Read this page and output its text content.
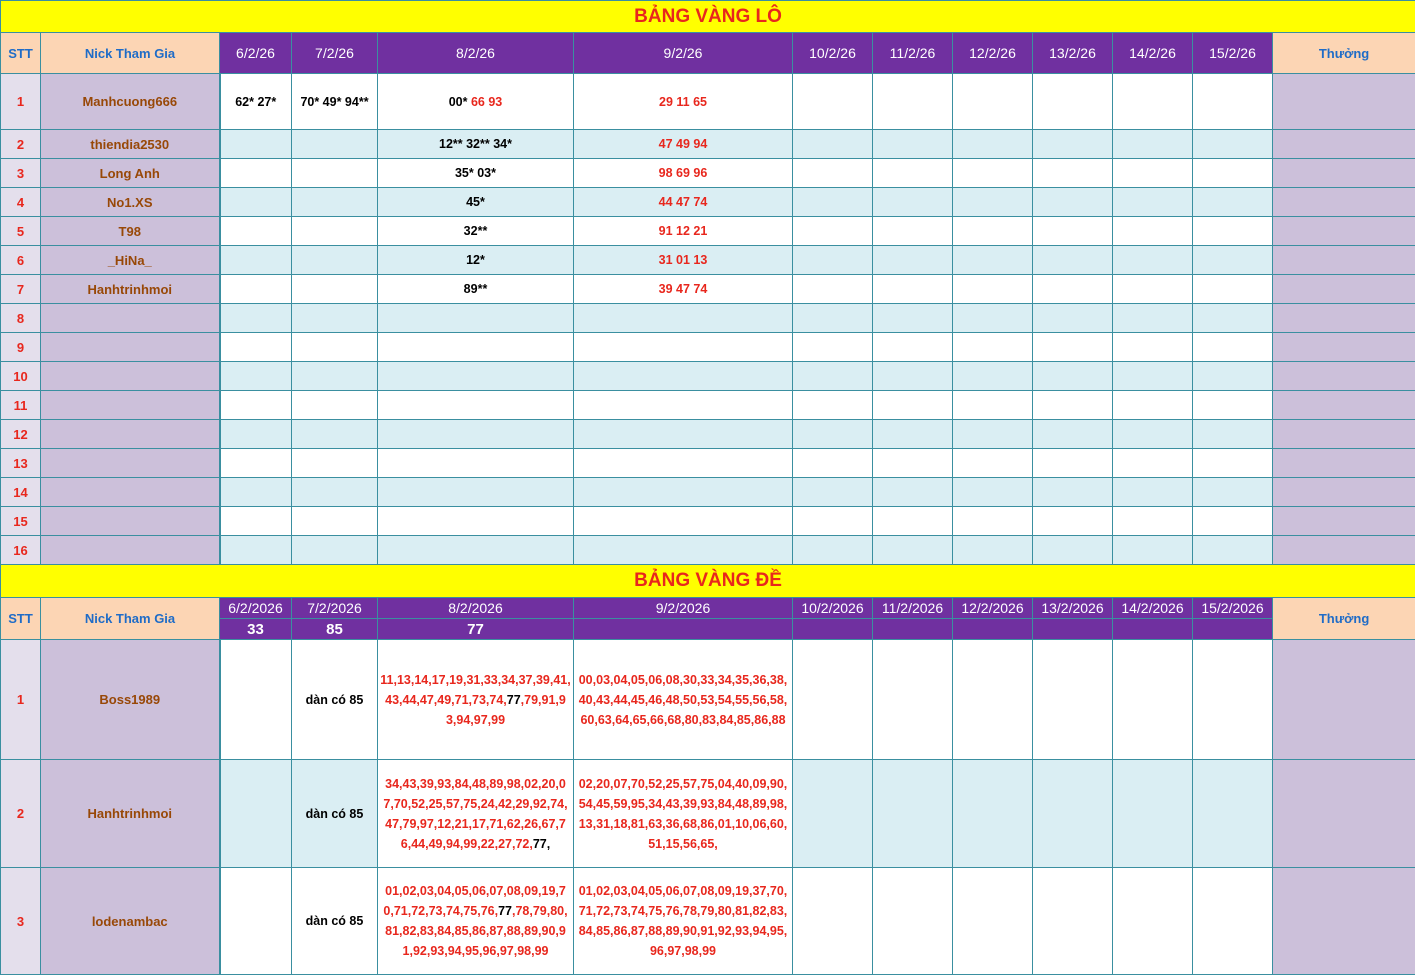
BẢNG VÀNG LÔ												
STT	Nick Tham Gia	6/2/26	7/2/26	8/2/26	9/2/26	10/2/26	11/2/26	12/2/26	13/2/26	14/2/26	15/2/26	Thưởng
1	Manhcuong666	62* 27*	70* 49* 94**	00* 66 93	29 11 65							
2	thiendia2530			12** 32** 34*	47 49 94							
3	Long Anh			35* 03*	98 69 96							
4	No1.XS			45*	44 47 74							
5	T98			32**	91 12 21							
6	_HiNa_			12*	31 01 13							
7	Hanhtrinhmoi			89**	39 47 74							
8												
9												
10												
11												
12												
13												
14												
15												
16												
BẢNG VÀNG ĐỀ												
STT	Nick Tham Gia	6/2/2026	7/2/2026	8/2/2026	9/2/2026	10/2/2026	11/2/2026	12/2/2026	13/2/2026	14/2/2026	15/2/2026	Thưởng
		33	85	77								
1	Boss1989		dàn có 85	11,13,14,17,19,31,33,34,37,39,41,43,44,47,49,71,73,74,77,79,91,93,94,97,99	00,03,04,05,06,08,30,33,34,35,36,38,40,43,44,45,46,48,50,53,54,55,56,58,60,63,64,65,66,68,80,83,84,85,86,88							
2	Hanhtrinhmoi		dàn có 85	34,43,39,93,84,48,89,98,02,20,07,70,52,25,57,75,24,42,29,92,74,47,79,97,12,21,17,71,62,26,67,76,44,49,94,99,22,27,72,77,	02,20,07,70,52,25,57,75,04,40,09,90,54,45,59,95,34,43,39,93,84,48,89,98,13,31,18,81,63,36,68,86,01,10,06,60,51,15,56,65,							
3	lodenambac		dàn có 85	01,02,03,04,05,06,07,08,09,19,70,71,72,73,74,75,76,77,78,79,80,81,82,83,84,85,86,87,88,89,90,91,92,93,94,95,96,97,98,99	01,02,03,04,05,06,07,08,09,19,37,70,71,72,73,74,75,76,78,79,80,81,82,83,84,85,86,87,88,89,90,91,92,93,94,95,96,97,98,99							
